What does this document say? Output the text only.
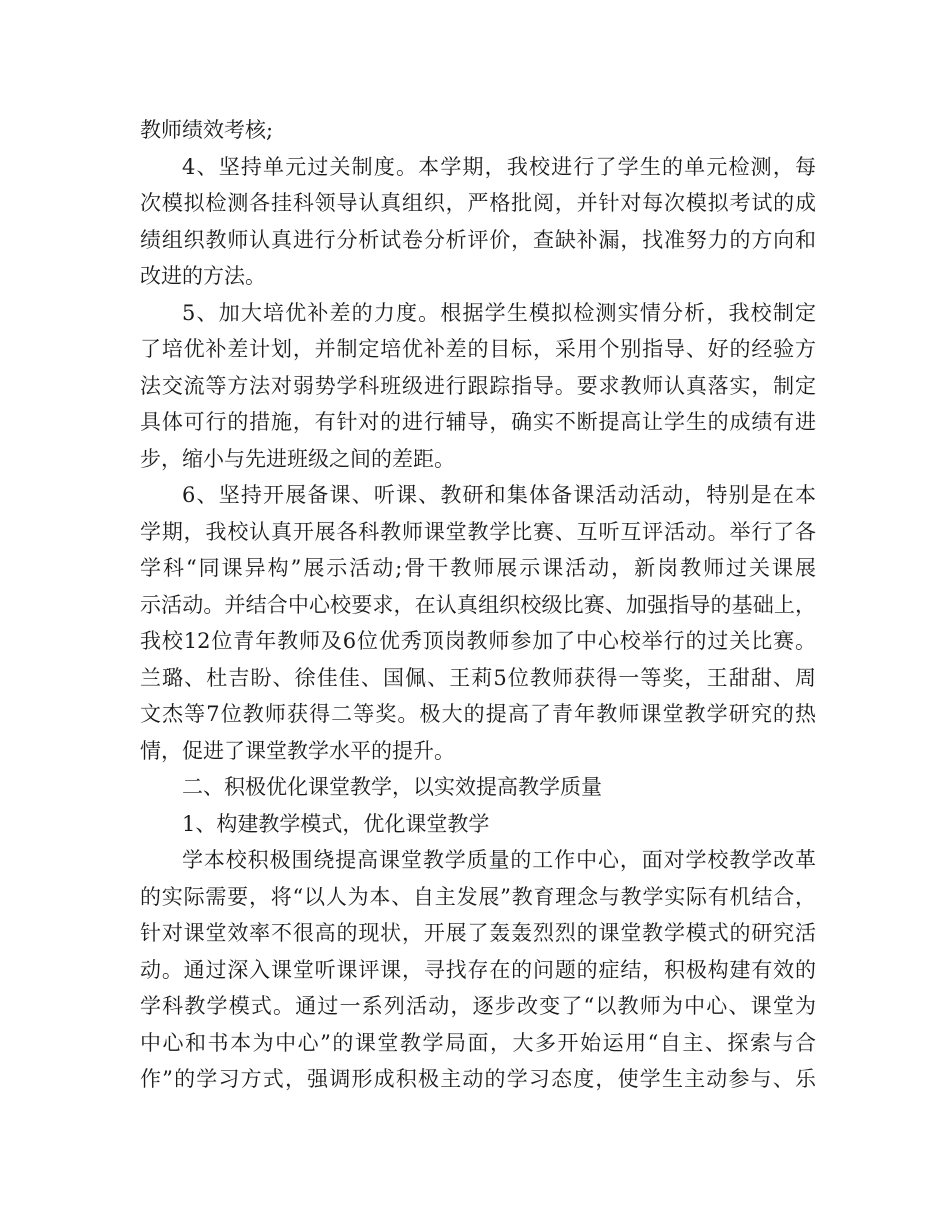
教师绩效考核;
4、坚持单元过关制度。本学期，我校进行了学生的单元检测，每
次模拟检测各挂科领导认真组织，严格批阅，并针对每次模拟考试的成
绩组织教师认真进行分析试卷分析评价，查缺补漏，找准努力的方向和
改进的方法。
5、加大培优补差的力度。根据学生模拟检测实情分析，我校制定
了培优补差计划，并制定培优补差的目标，采用个别指导、好的经验方
法交流等方法对弱势学科班级进行跟踪指导。要求教师认真落实，制定
具体可行的措施，有针对的进行辅导，确实不断提高让学生的成绩有进
步，缩小与先进班级之间的差距。
6、坚持开展备课、听课、教研和集体备课活动活动，特别是在本
学期，我校认真开展各科教师课堂教学比赛、互听互评活动。举行了各
学科“同课异构”展示活动;骨干教师展示课活动，新岗教师过关课展
示活动。并结合中心校要求，在认真组织校级比赛、加强指导的基础上，
我校12位青年教师及6位优秀顶岗教师参加了中心校举行的过关比赛。
兰璐、杜吉盼、徐佳佳、国佩、王莉5位教师获得一等奖，王甜甜、周
文杰等7位教师获得二等奖。极大的提高了青年教师课堂教学研究的热
情，促进了课堂教学水平的提升。
二、积极优化课堂教学，以实效提高教学质量
1、构建教学模式，优化课堂教学
学本校积极围绕提高课堂教学质量的工作中心，面对学校教学改革
的实际需要，将“以人为本、自主发展”教育理念与教学实际有机结合，
针对课堂效率不很高的现状，开展了轰轰烈烈的课堂教学模式的研究活
动。通过深入课堂听课评课，寻找存在的问题的症结，积极构建有效的
学科教学模式。通过一系列活动，逐步改变了“以教师为中心、课堂为
中心和书本为中心”的课堂教学局面，大多开始运用“自主、探索与合
作”的学习方式，强调形成积极主动的学习态度，使学生主动参与、乐
